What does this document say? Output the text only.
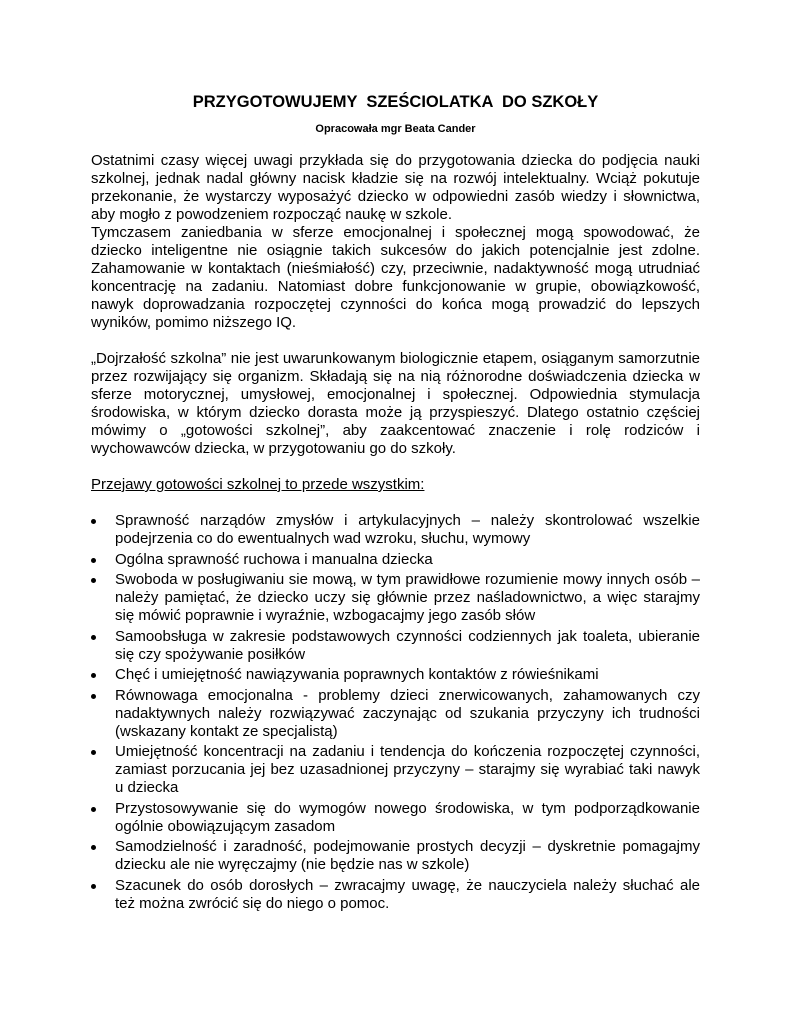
PRZYGOTOWUJEMY  SZEŚCIOLATKA  DO SZKOŁY
Opracowała mgr Beata Cander

Ostatnimi czasy więcej uwagi przykłada się do przygotowania dziecka do podjęcia nauki szkolnej, jednak nadal główny nacisk kładzie się na rozwój intelektualny. Wciąż pokutuje przekonanie, że wystarczy wyposażyć dziecko w odpowiedni zasób wiedzy i słownictwa, aby mogło z powodzeniem rozpocząć naukę w szkole.

Tymczasem zaniedbania w sferze emocjonalnej i społecznej mogą spowodować, że dziecko inteligentne nie osiągnie takich sukcesów do jakich potencjalnie jest zdolne. Zahamowanie w kontaktach (nieśmiałość) czy, przeciwnie, nadaktywność mogą utrudniać koncentrację na zadaniu. Natomiast dobre funkcjonowanie w grupie, obowiązkowość, nawyk doprowadzania rozpoczętej czynności do końca mogą prowadzić do lepszych wyników, pomimo niższego IQ.

„Dojrzałość szkolna” nie jest uwarunkowanym biologicznie etapem, osiąganym samorzutnie przez rozwijający się organizm. Składają się na nią różnorodne doświadczenia dziecka w sferze motorycznej, umysłowej, emocjonalnej i społecznej. Odpowiednia stymulacja środowiska, w którym dziecko dorasta może ją przyspieszyć. Dlatego ostatnio częściej mówimy o „gotowości szkolnej”, aby zaakcentować znaczenie i rolę rodziców i wychowawców dziecka, w przygotowaniu go do szkoły.

Przejawy gotowości szkolnej to przede wszystkim:
Sprawność narządów zmysłów i artykulacyjnych – należy skontrolować wszelkie podejrzenia co do ewentualnych wad wzroku, słuchu, wymowy
Ogólna sprawność ruchowa i manualna dziecka
Swoboda w posługiwaniu sie mową, w tym prawidłowe rozumienie mowy innych osób – należy pamiętać, że dziecko uczy się głównie przez naśladownictwo, a więc starajmy się mówić poprawnie i wyraźnie, wzbogacajmy jego zasób słów
Samoobsługa w zakresie podstawowych czynności codziennych jak toaleta, ubieranie się czy spożywanie posiłków
Chęć i umiejętność nawiązywania poprawnych kontaktów z rówieśnikami
Równowaga emocjonalna - problemy dzieci znerwicowanych, zahamowanych czy nadaktywnych należy rozwiązywać zaczynając od szukania przyczyny ich trudności (wskazany kontakt ze specjalistą)
Umiejętność koncentracji na zadaniu i tendencja do kończenia rozpoczętej czynności, zamiast porzucania jej bez uzasadnionej przyczyny – starajmy się wyrabiać taki nawyk u dziecka
Przystosowywanie się do wymogów nowego środowiska, w tym podporządkowanie ogólnie obowiązującym zasadom
Samodzielność i zaradność, podejmowanie prostych decyzji – dyskretnie pomagajmy dziecku ale nie wyręczajmy (nie będzie nas w szkole)
Szacunek do osób dorosłych – zwracajmy uwagę, że nauczyciela należy słuchać ale też można zwrócić się do niego o pomoc.
